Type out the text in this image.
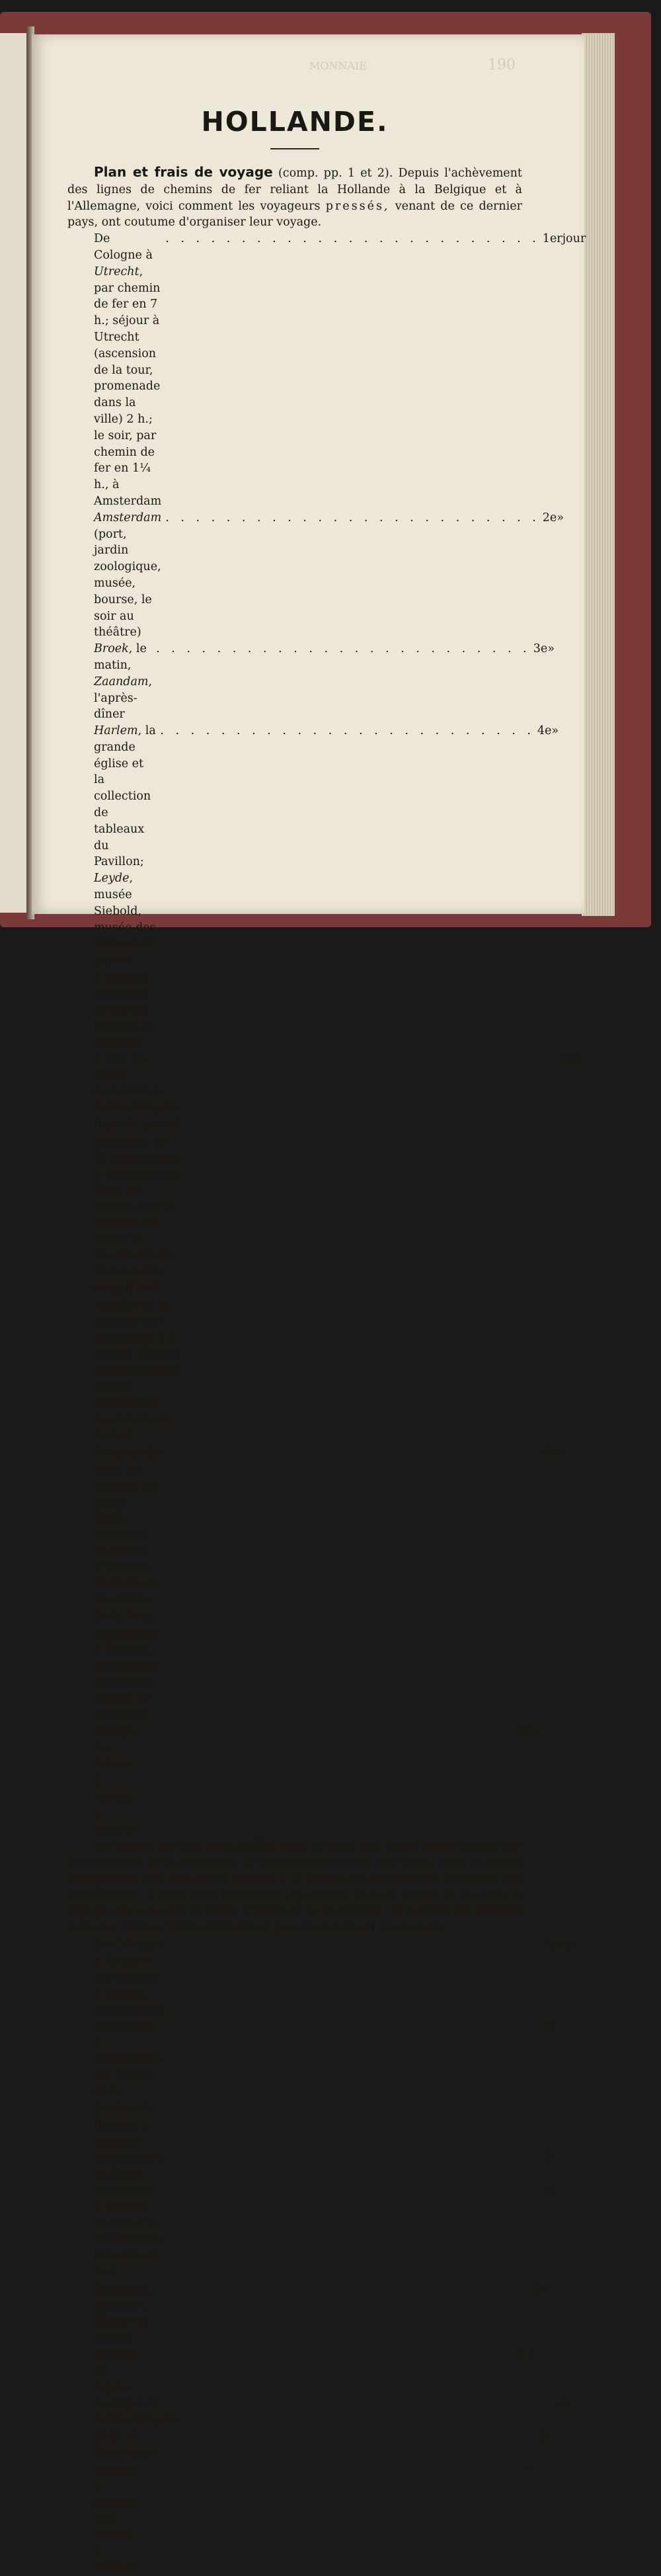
MONNAIE	190
HOLLANDE.

Plan et frais de voyage (comp. pp. 1 et 2). Depuis l'achèvement des lignes de chemins de fer reliant la Hollande à la Belgique et à l'Allemagne, voici comment les voyageurs pressés, venant de ce dernier pays, ont coutume d'organiser leur voyage.

De Cologne à Utrecht, par chemin de fer en 7 h.; séjour à Utrecht (ascension de la tour, promenade dans la ville) 2 h.; le soir, par chemin de fer en 1¼ h., à Amsterdam
. . . . . . . . . . . . . . . . . . . . . . . . . 1er jour
Amsterdam (port, jardin zoologique, musée, bourse, le soir au théâtre)
. . . . . . . . . . . . . . . . . . . . . . . . . 2e »
Broek, le matin, Zaandam, l'après-dîner
. . . . . . . . . . . . . . . . . . . . . . . . . 3e »
Harlem, la grande église et la collection de tableaux du Pavillon; Leyde, musée Siebold, musée des antiquités, musée d'histoire naturelle; le soir au théâtre, à La Haye
. . . . . . . . . . . . . . . . . . . . . . . . . 4e »
A 6 h. du matin, excursion à Scheveningen, bain de mer et déjeuner; de là, promenade à la Maison du Bois. Au musée, voir le taureau de Potter et l'anatomie de Rembrandt; coup-d'oeil rapide sur le cabinet des curiosités; à 4 heures dîner à Scheveningen; le soir, promenade aux bords de la mer
. . . . . . . . . . . . . . . . . . . . . . . . . 5e »
Promenade dans les rues de La Haye; Delft, tombeau du prince d'Orange; Rotterdam, ascension de la tour, monument d'Érasme; promenade en ville et le long de la Meuse
. . . . . . . . . . . . . . . . . . . . . . . . . 6e »
Voyage par bateau à vapeur à Anvers
. . . . . . . . . . . . . . . . . . . . . . . . . 7e »

Ce voyage de sept jours suffira pour se faire une idée superficielle du caractère de la Hollande, de ses paysages et de ses villes; mais le rapide changement des situations fatigue à la longue et empêche de recueillir ses impressions. Il sera bien préférable d'y mettre plus de temps et de faire le voyage par eau sur le Rhin, l'Yssel et le Zuiderzée, et surtout de pousser jusqu'au Helder. Voici comment on pourra distribuer son temps:

De Cologne à Arnhem par bateau à vapeur, Hartjesberg
. . . . . . . . . . . . . . . . . . . . . . . . . 1 jour
D'Arnhem à Amsterdam sur l'Yssel et le Zuiderzée (bateau à vapeur)
. . . . . . . . . . . . . . . . . . . . . . . . . 1 »
Amsterdam et Broek
. . . . . . . . . . . . . . . . . . . . . . . . . 3 »
Excursion à Utrecht et retour à Amsterdam (chemin de fer)
. . . . . . . . . . . . . . . . . . . . . . . . . 1 »
Zaandam, Alkmaar, Helder et retour
. . . . . . . . . . . . . . . . . . . . . . . . . 4 »
Harlem et Leyde
. . . . . . . . . . . . . . . . . . . . . . . . . 1 »
La Haye et Scheveningen
. . . . . . . . . . . . . . . . . . . . . . . . . 2 »
Delft et Rotterdam
. . . . . . . . . . . . . . . . . . . . . . . . . 1 »
Voyage à Anvers (par bateau à vapeur)
. . . . . . . . . . . . . . . . . . . . . . . . . 1 »
